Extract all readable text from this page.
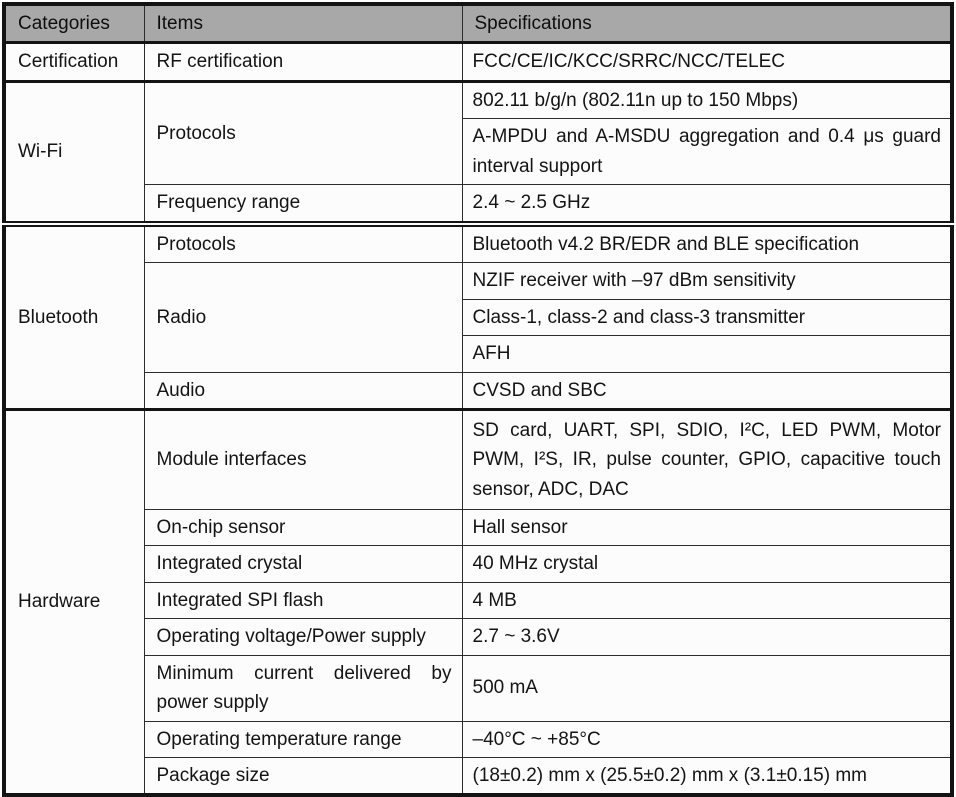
Categories	Items	Specifications
Certification	RF certification	FCC/CE/IC/KCC/SRRC/NCC/TELEC
Wi-Fi	Protocols	802.11 b/g/n (802.11n up to 150 Mbps)
		A-MPDU and A-MSDU aggregation and 0.4 μs guard interval support
	Frequency range	2.4 ~ 2.5 GHz
Bluetooth	Protocols	Bluetooth v4.2 BR/EDR and BLE specification
	Radio	NZIF receiver with –97 dBm sensitivity
		Class-1, class-2 and class-3 transmitter
		AFH
	Audio	CVSD and SBC
Hardware	Module interfaces	SD card, UART, SPI, SDIO, I²C, LED PWM, Motor PWM, I²S, IR, pulse counter, GPIO, capacitive touch sensor, ADC, DAC
	On-chip sensor	Hall sensor
	Integrated crystal	40 MHz crystal
	Integrated SPI flash	4 MB
	Operating voltage/Power supply	2.7 ~ 3.6V
	Minimum current delivered by power supply	500 mA
	Operating temperature range	–40°C ~ +85°C
	Package size	(18±0.2) mm x (25.5±0.2) mm x (3.1±0.15) mm
